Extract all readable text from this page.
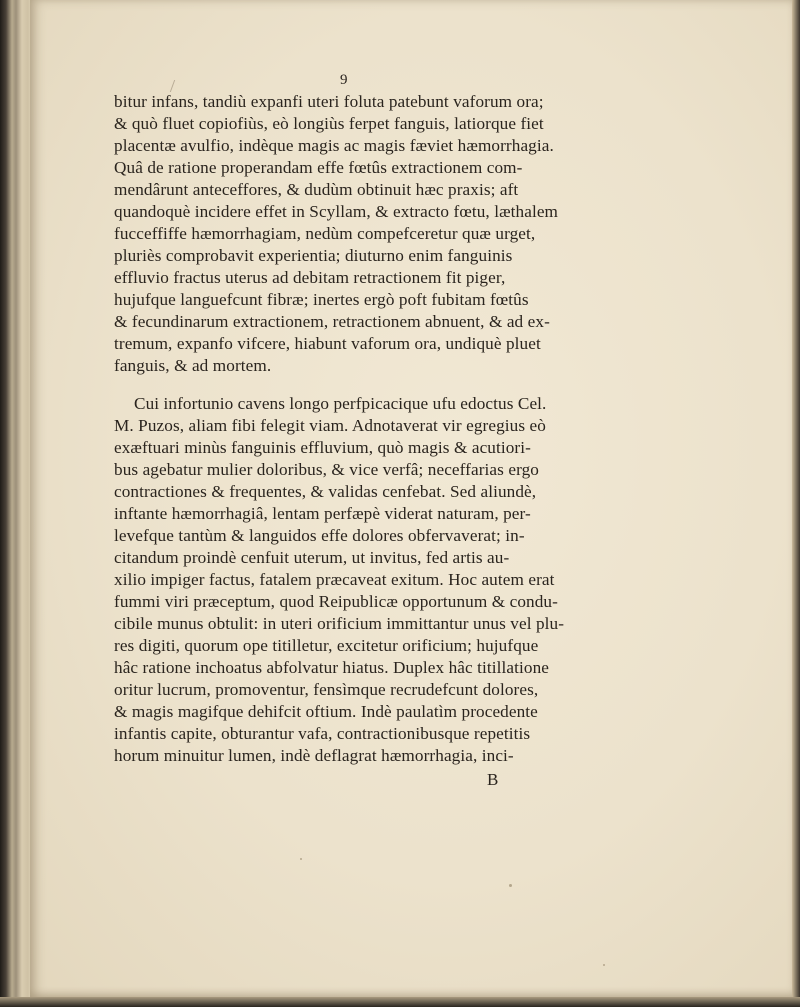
9
bitur infans, tandiù expanfi uteri foluta patebunt vaforum ora;
& quò fluet copiofiùs, eò longiùs ferpet fanguis, latiorque fiet
placentæ avulfio, indèque magis ac magis fæviet hæmorrhagia.
Quâ de ratione properandam effe fœtûs extractionem com-
mendârunt anteceffores, & dudùm obtinuit hæc praxis; aft
quandoquè incidere effet in Scyllam, & extracto fœtu, læthalem
fucceffiffe hæmorrhagiam, nedùm compefceretur quæ urget,
pluriès comprobavit experientia; diuturno enim fanguinis
effluvio fractus uterus ad debitam retractionem fit piger,
hujufque languefcunt fibræ; inertes ergò poft fubitam fœtûs
& fecundinarum extractionem, retractionem abnuent, & ad ex-
tremum, expanfo vifcere, hiabunt vaforum ora, undiquè pluet
fanguis, & ad mortem.
Cui infortunio cavens longo perfpicacique ufu edoctus Cel.
M. Puzos, aliam fibi felegit viam. Adnotaverat vir egregius eò
exæftuari minùs fanguinis effluvium, quò magis & acutiori-
bus agebatur mulier doloribus, & vice verfâ; neceffarias ergo
contractiones & frequentes, & validas cenfebat. Sed aliundè,
inftante hæmorrhagiâ, lentam perfæpè viderat naturam, per-
levefque tantùm & languidos effe dolores obfervaverat; in-
citandum proindè cenfuit uterum, ut invitus, fed artis au-
xilio impiger factus, fatalem præcaveat exitum. Hoc autem erat
fummi viri præceptum, quod Reipublicæ opportunum & condu-
cibile munus obtulit: in uteri orificium immittantur unus vel plu-
res digiti, quorum ope titilletur, excitetur orificium; hujufque
hâc ratione inchoatus abfolvatur hiatus. Duplex hâc titillatione
oritur lucrum, promoventur, fensìmque recrudefcunt dolores,
& magis magifque dehifcit oftium. Indè paulatìm procedente
infantis capite, obturantur vafa, contractionibusque repetitis
horum minuitur lumen, indè deflagrat hæmorrhagia, inci-
B
